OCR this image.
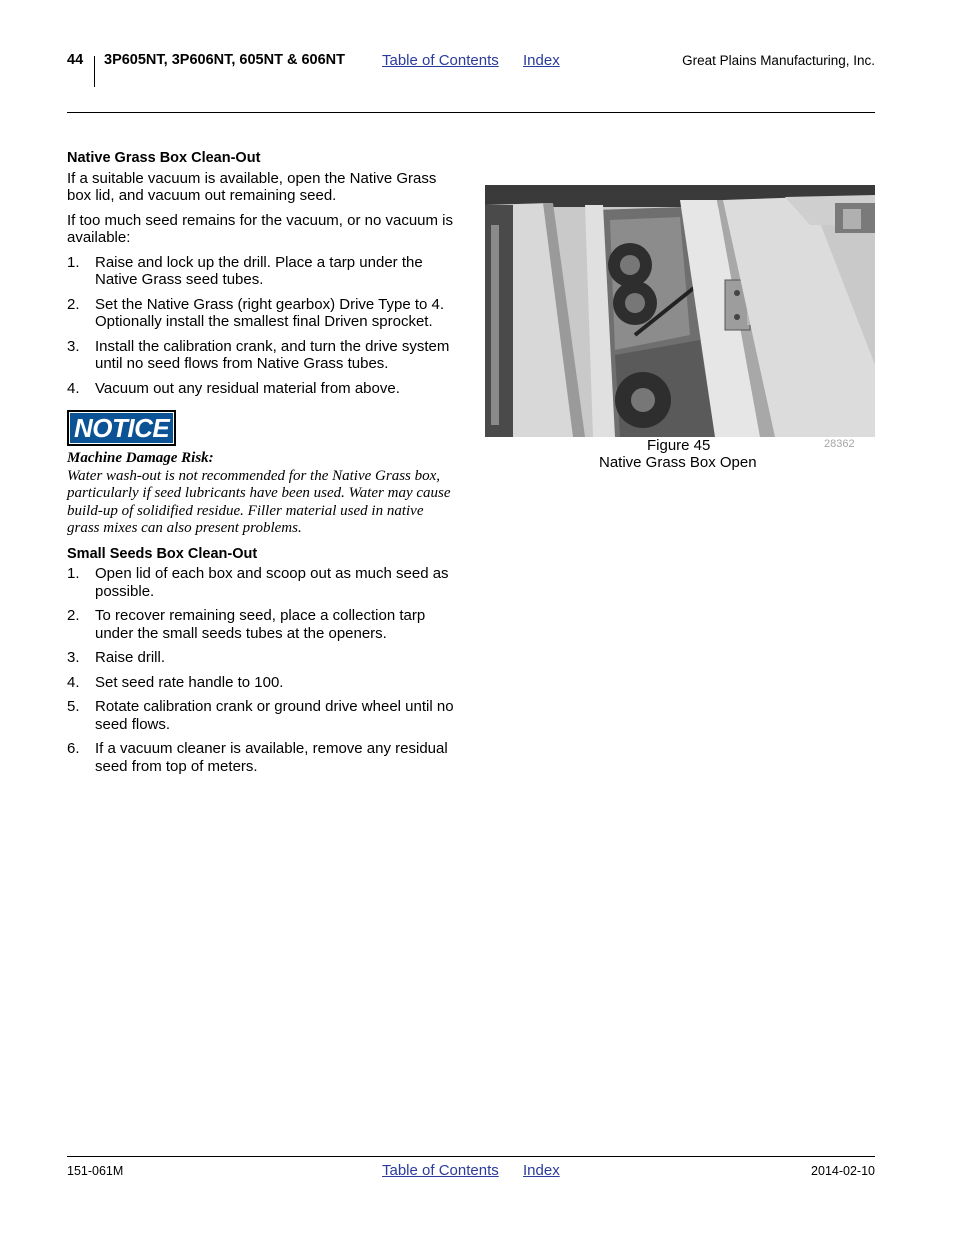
44 3P605NT, 3P606NT, 605NT & 606NT Table of Contents Index	Great Plains Manufacturing, Inc.
Native Grass Box Clean-Out

If a suitable vacuum is available, open the Native Grass box lid, and vacuum out remaining seed.

If too much seed remains for the vacuum, or no vacuum is available:

1. Raise and lock up the drill. Place a tarp under the Native Grass seed tubes.
2. Set the Native Grass (right gearbox) Drive Type to 4. Optionally install the smallest final Driven sprocket.
3. Install the calibration crank, and turn the drive system until no seed flows from Native Grass tubes.
4. Vacuum out any residual material from above.
NOTICE
Machine Damage Risk:
Water wash-out is not recommended for the Native Grass box, particularly if seed lubricants have been used. Water may cause build-up of solidified residue. Filler material used in native grass mixes can also present problems.
Small Seeds Box Clean-Out
1. Open lid of each box and scoop out as much seed as possible.
2. To recover remaining seed, place a collection tarp under the small seeds tubes at the openers.
3. Raise drill.
4. Set seed rate handle to 100.
5. Rotate calibration crank or ground drive wheel until no seed flows.
6. If a vacuum cleaner is available, remove any residual seed from top of meters.
Figure 45
Native Grass Box Open
28362
151-061M	Table of Contents Index	2014-02-10
